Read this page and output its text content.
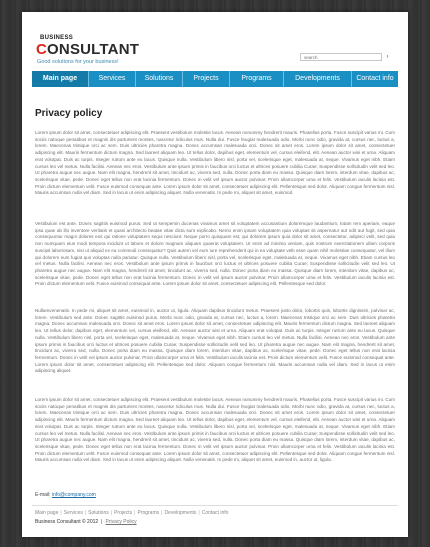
BUSINESS
CONSULTANT
Good solutions for your business!
search
›
Main page	Services	Solutions	Projects	Programs	Developments	Contact info
Privacy policy

Lorem ipsum dolor sit amet, consectetuer adipiscing elit. Praesent vestibulum molestie lacus. Aenean nonummy hendrerit mauris. Phasellus porta. Fusce suscipit varius mi. Cum sociis natoque penatibus et magnis dis parturient montes, nascetur ridiculus mus. Nulla dui. Fusce feugiat malesuada odio. Morbi nunc odio, gravida at, cursus nec, luctus a, lorem. Maecenas tristique orci ac sem. Duis ultricies pharetra magna. Donec accumsan malesuada orci. Donec sit amet eros. Lorem ipsum dolor sit amet, consectetuer adipiscing elit. Mauris fermentum dictum magna. Sed laoreet aliquam leo. Ut tellus dolor, dapibus eget, elementum vel, cursus eleifend, elit. Aenean auctor wisi et urna. Aliquam erat volutpat. Duis ac turpis. Integer rutrum ante eu lacus. Quisque nulla. Vestibulum libero nisl, porta vel, scelerisque eget, malesuada at, neque. Vivamus eget nibh. Etiam cursus leo vel metus. Nulla facilisi. Aenean nec eros. Vestibulum ante ipsum primis in faucibus orci luctus et ultrices posuere cubilia Curae; Suspendisse sollicitudin velit sed leo. Ut pharetra augue nec augue. Nam elit magna, hendrerit sit amet, tincidunt ac, viverra sed, nulla. Donec porta diam eu massa. Quisque diam lorem, interdum vitae, dapibus ac, scelerisque vitae, pede. Donec eget tellus non erat lacinia fermentum. Donec in velit vel ipsum auctor pulvinar. Proin ullamcorper urna et felis. Vestibulum iaculis lacinia est. Proin dictum elementum velit. Fusce euismod consequat ante. Lorem ipsum dolor sit amet, consectetuer adipiscing elit. Pellentesque sed dolor. Aliquam congue fermentum nisl. Mauris accumsan nulla vel diam. Sed in lacus ut enim adipiscing aliquet. Nulla venenatis. In pede mi, aliquet sit amet, euismod.

Vestibulum est ante. Donec sagittis euismod purus. Sed ut sempersin ducenas vivamus amet sit voluptatem accusantium doloremque laudantium, totam rem aperiam, eaque ipsa quae ab illo inventore veritatis et quasi architecto beatae vitae dicta sunt explicabo. Nemo enim ipsam voluptatem quia voluptas sit aspernatur aut odit aut fugit, sed quia consequuntur magni dolores eos qui ratione voluptatem sequi nesciunt. Neque porro quisquam est, qui dolorem ipsum quia dolor sit amet, consectetur, adipisci velit, sed quia non numquam eius modi tempora incidunt ut labore et dolore magnam aliquam quaerat voluptatem. Ut enim ad minima veniam, quis nostrum exercitationem ullam corporis suscipit laboriosam, nisi ut aliquid ex ea commodi consequatur? Quis autem vel eum iure reprehenderit qui in ea voluptate velit esse quam nihil molestiae consequatur, vel illum qui dolorem eum fugiat quo voluptas nulla pariatur. Quisque nulla. Vestibulum libero nisl, porta vel, scelerisque eget, malesuada at, neque. Vivamus eget nibh. Etiam cursus leo vel metus. Nulla facilisi. Aenean nec eros. Vestibulum ante ipsum primis in faucibus orci luctus et ultrices posuere cubilia Curae; Suspendisse sollicitudin velit sed leo. Ut pharetra augue nec augue. Nam elit magna, hendrerit sit amet, tincidunt ac, viverra sed, nulla. Donec porta diam eu massa. Quisque diam lorem, interdum vitae, dapibus ac, scelerisque vitae, pede. Donec eget tellus non erat lacinia fermentum. Donec in velit vel ipsum auctor pulvinar. Proin ullamcorper urna et felis. Vestibulum iaculis lacinia est. Proin dictum elementum velit. Fusce euismod consequat ante. Lorem ipsum dolor sit amet, consectetuer adipiscing elit. Pellentesque sed dolor.

Nullamvenenatis. In pede mi, aliquet sit amet, euismod in, auctor ut, ligula. Aliquam dapibus tincidunt metus. Praesent justo dolor, lobortis quis, lobortis dignissim, pulvinar ac, lorem. Vestibulum sed ante. Donec sagittis euismod purus. Morbi nunc odio, gravida at, cursus nec, luctus a, lorem. Maecenas tristique orci ac sem. Duis ultricies pharetra magna. Donec accumsan malesuada orci. Donec sit amet eros. Lorem ipsum dolor sit amet, consectetuer adipiscing elit. Mauris fermentum dictum magna. Sed laoreet aliquam leo. Ut tellus dolor, dapibus eget, elementum vel, cursus eleifend, elit. Aenean auctor wisi et urna. Aliquam erat volutpat. Duis ac turpis. Integer rutrum ante eu lacus. Quisque nulla. Vestibulum libero nisl, porta vel, scelerisque eget, malesuada at, neque. Vivamus eget nibh. Etiam cursus leo vel metus. Nulla facilisi. Aenean nec eros. Vestibulum ante ipsum primis in faucibus orci luctus et ultrices posuere cubilia Curae; Suspendisse sollicitudin velit sed leo. Ut pharetra augue nec augue. Nam elit magna, hendrerit sit amet, tincidunt ac, viverra sed, nulla. Donec porta diam eu massa. Quisque diam lorem, interdum vitae, dapibus ac, scelerisque vitae, pede. Donec eget tellus non erat lacinia fermentum. Donec in velit vel ipsum auctor pulvinar. Proin ullamcorper urna et felis. Vestibulum iaculis lacinia est. Proin dictum elementum velit. Fusce euismod consequat ante. Lorem ipsum dolor sit amet, consectetuer adipiscing elit. Pellentesque sed dolor. Aliquam congue fermentum nisl. Mauris accumsan nulla vel diam. Sed in lacus ut enim adipiscing aliquet.

Lorem ipsum dolor sit amet, consectetuer adipiscing elit. Praesent vestibulum molestie lacus. Aenean nonummy hendrerit mauris. Phasellus porta. Fusce suscipit varius mi. Cum sociis natoque penatibus et magnis dis parturient montes, nascetur ridiculus mus. Nulla dui. Fusce feugiat malesuada odio. Morbi nunc odio, gravida at, cursus nec, luctus a, lorem. Maecenas tristique orci ac sem. Duis ultricies pharetra magna. Donec accumsan malesuada orci. Donec sit amet eros. Lorem ipsum dolor sit amet, consectetuer adipiscing elit. Mauris fermentum dictum magna. Sed laoreet aliquam leo. Ut tellus dolor, dapibus eget, elementum vel, cursus eleifend, elit. Aenean auctor wisi et urna. Aliquam erat volutpat. Duis ac turpis. Integer rutrum ante eu lacus. Quisque nulla. Vestibulum libero nisl, porta vel, scelerisque eget, malesuada at, neque. Vivamus eget nibh. Etiam cursus leo vel metus. Nulla facilisi. Aenean nec eros. Vestibulum ante ipsum primis in faucibus orci luctus et ultrices posuere cubilia Curae; Suspendisse sollicitudin velit sed leo. Ut pharetra augue nec augue. Nam elit magna, hendrerit sit amet, tincidunt ac, viverra sed, nulla. Donec porta diam eu massa. Quisque diam lorem, interdum vitae, dapibus ac, scelerisque vitae, pede. Donec eget tellus non erat lacinia fermentum. Donec in velit vel ipsum auctor pulvinar. Proin ullamcorper urna et felis. Vestibulum iaculis lacinia est. Proin dictum elementum velit. Fusce euismod consequat ante. Lorem ipsum dolor sit amet, consectetuer adipiscing elit. Pellentesque sed dolor. Aliquam congue fermentum nisl. Mauris accumsan nulla vel diam. Sed in lacus ut enim adipiscing aliquet. Nulla venenatis. In pede mi, aliquet sit amet, euismod in, auctor ut, ligula.

E-mail: info@company.com
Main page | Services | Solutions | Projects | Programs | Developments | Contact info
Business Consultant © 2012 | Privacy Policy
